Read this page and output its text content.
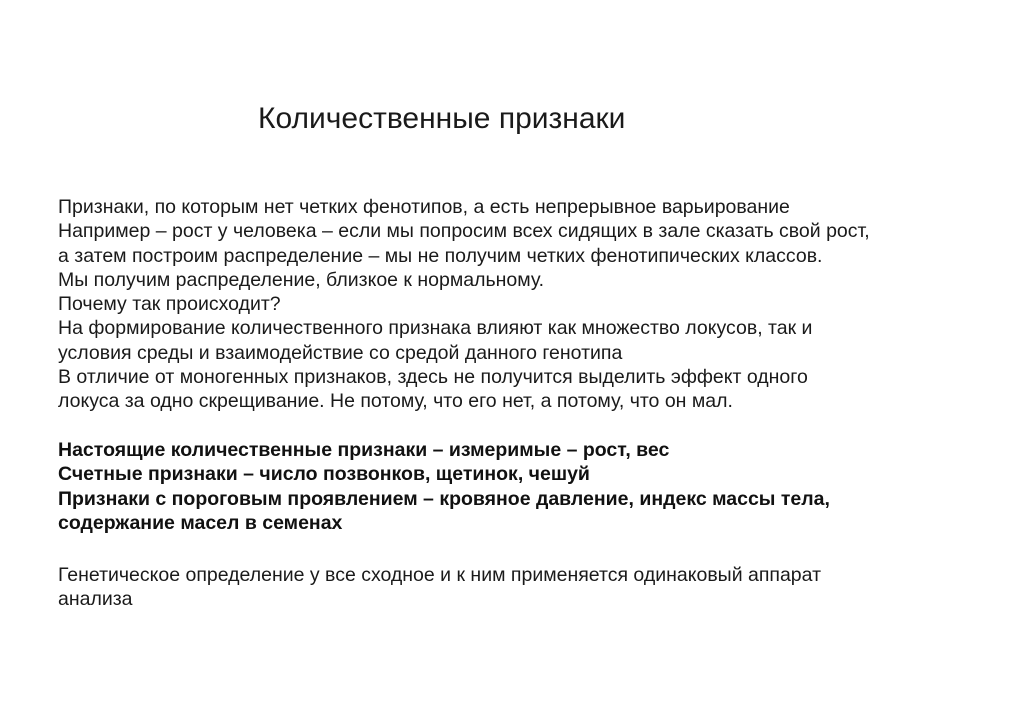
Количественные признаки
Признаки, по которым нет четких фенотипов, а есть непрерывное варьирование
Например – рост у человека – если мы попросим всех сидящих в зале сказать свой рост,
а затем построим распределение – мы не получим четких фенотипических классов.
Мы получим распределение, близкое к нормальному.
Почему так происходит?
На формирование количественного признака влияют как множество локусов, так и
условия среды и взаимодействие со средой данного генотипа
В отличие от моногенных признаков, здесь не получится выделить эффект одного
локуса за одно скрещивание. Не потому, что его нет, а потому, что он мал.
Настоящие количественные признаки – измеримые – рост, вес
Счетные признаки – число позвонков, щетинок, чешуй
Признаки с пороговым проявлением – кровяное давление, индекс массы тела,
содержание масел в семенах
Генетическое определение у все сходное и к ним применяется одинаковый аппарат
анализа
